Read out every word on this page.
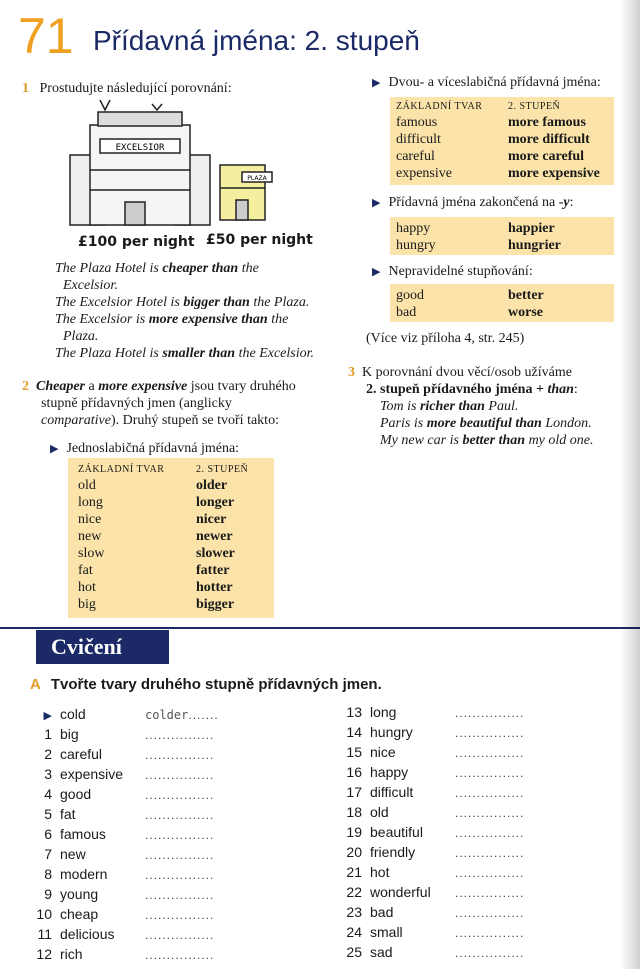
71 Přídavná jména: 2. stupeň
1 Prostudujte následující porovnání:
EXCELSIOR
PLAZA
£100 per night £50 per night
The Plaza Hotel is cheaper than the
Excelsior.
The Excelsior Hotel is bigger than the Plaza.
The Excelsior is more expensive than the
Plaza.
The Plaza Hotel is smaller than the Excelsior.
2 Cheaper a more expensive jsou tvary druhého
stupně přídavných jmen (anglicky
comparative). Druhý stupeň se tvoří takto:
▶ Jednoslabičná přídavná jména:
ZÁKLADNÍ TVAR	2. STUPEŇ
old	older
long	longer
nice	nicer
new	newer
slow	slower
fat	fatter
hot	hotter
big	bigger
▶ Dvou- a víceslabičná přídavná jména:
ZÁKLADNÍ TVAR	2. STUPEŇ
famous	more famous
difficult	more difficult
careful	more careful
expensive	more expensive
▶ Přídavná jména zakončená na -y:
happy	happier
hungry	hungrier
▶ Nepravidelné stupňování:
good	better
bad	worse
(Více viz příloha 4, str. 245)
3 K porovnání dvou věcí/osob užíváme
2. stupeň přídavného jména + than:
Tom is richer than Paul.
Paris is more beautiful than London.
My new car is better than my old one.
Cvičení
A Tvořte tvary druhého stupně přídavných jmen.
▶ cold	colder.......
1 big	................
2 careful	................
3 expensive ................
4 good	................
5 fat	................
6 famous	................
7 new	................
8 modern	................
9 young	................
10 cheap	................
11 delicious	................
12 rich	................
13 long	................
14 hungry	................
15 nice	................
16 happy	................
17 difficult	................
18 old	................
19 beautiful	................
20 friendly	................
21 hot	................
22 wonderful ................
23 bad	................
24 small	................
25 sad	................
